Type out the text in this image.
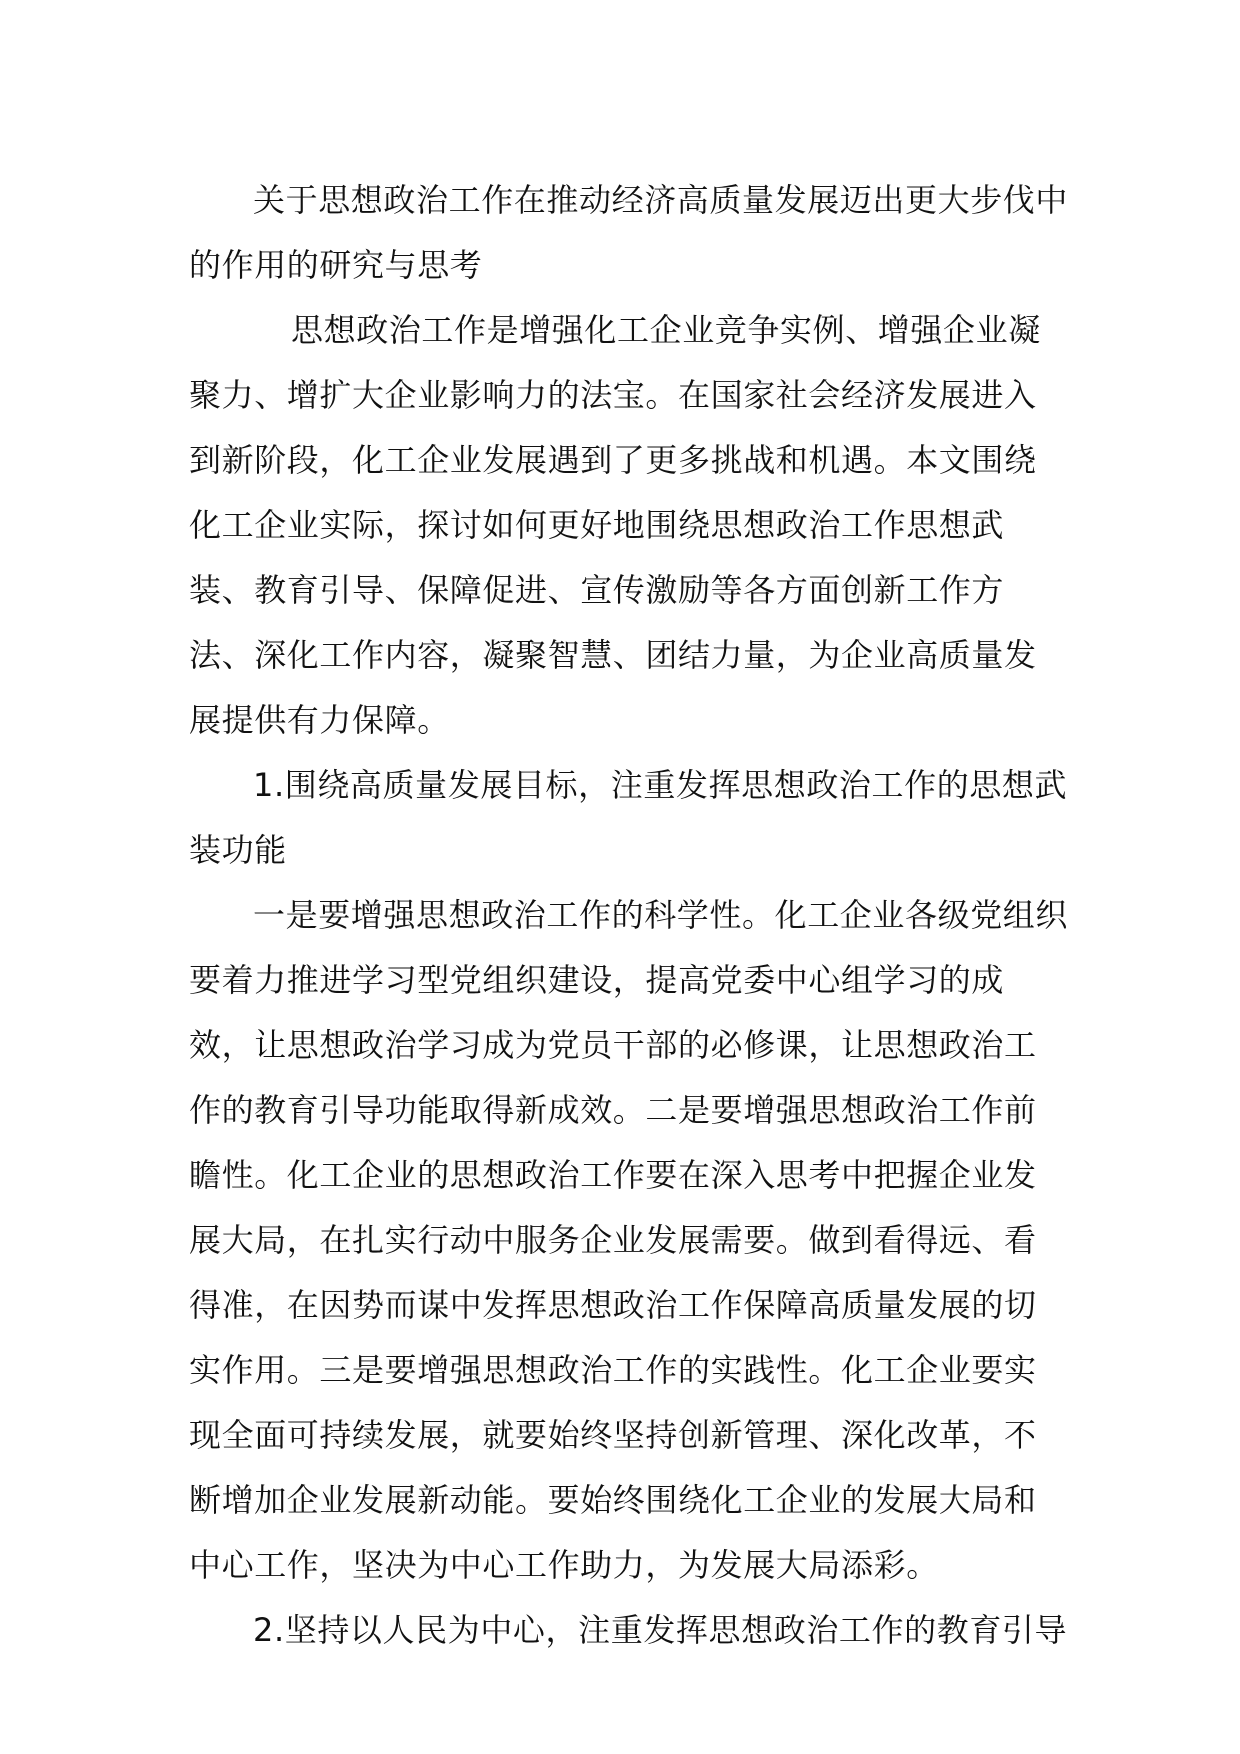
关于思想政治工作在推动经济高质量发展迈出更大步伐中的作用的研究与思考

思想政治工作是增强化工企业竞争实例、增强企业凝聚力、增扩大企业影响力的法宝。在国家社会经济发展进入到新阶段，化工企业发展遇到了更多挑战和机遇。本文围绕化工企业实际，探讨如何更好地围绕思想政治工作思想武装、教育引导、保障促进、宣传激励等各方面创新工作方法、深化工作内容，凝聚智慧、团结力量，为企业高质量发展提供有力保障。

1.围绕高质量发展目标，注重发挥思想政治工作的思想武装功能

一是要增强思想政治工作的科学性。化工企业各级党组织要着力推进学习型党组织建设，提高党委中心组学习的成效，让思想政治学习成为党员干部的必修课，让思想政治工作的教育引导功能取得新成效。二是要增强思想政治工作前瞻性。化工企业的思想政治工作要在深入思考中把握企业发展大局，在扎实行动中服务企业发展需要。做到看得远、看得准，在因势而谋中发挥思想政治工作保障高质量发展的切实作用。三是要增强思想政治工作的实践性。化工企业要实现全面可持续发展，就要始终坚持创新管理、深化改革，不断增加企业发展新动能。要始终围绕化工企业的发展大局和中心工作，坚决为中心工作助力，为发展大局添彩。

2.坚持以人民为中心，注重发挥思想政治工作的教育引导
